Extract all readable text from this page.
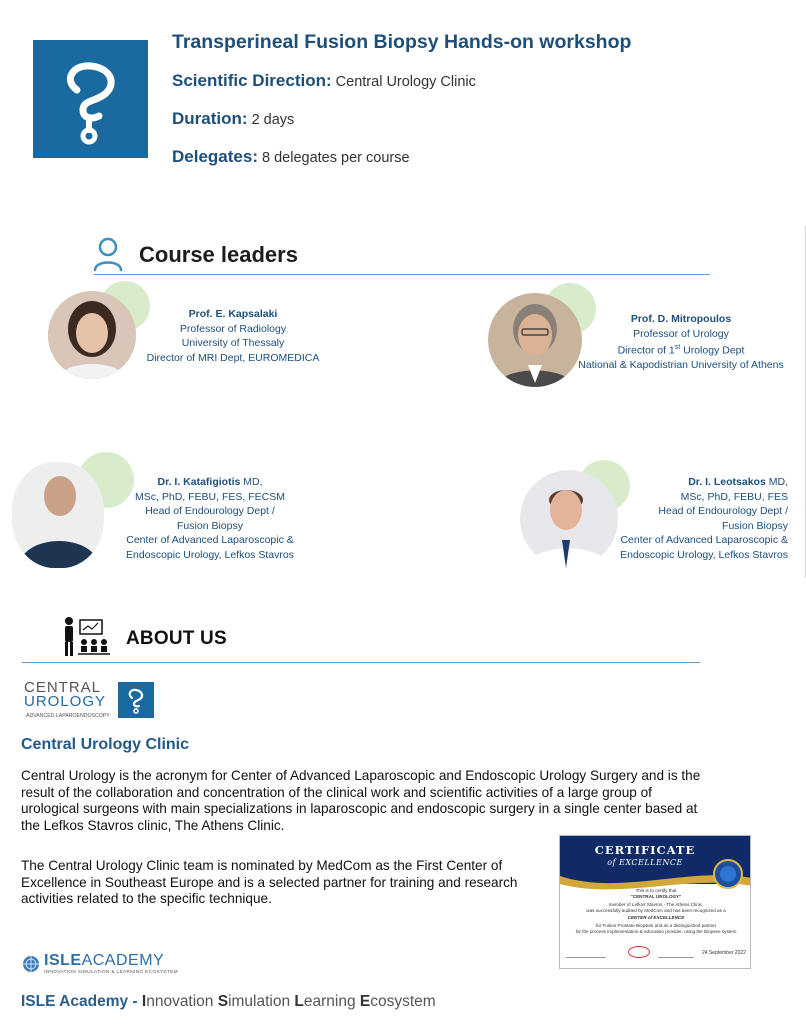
Transperineal Fusion Biopsy Hands-on workshop
Scientific Direction: Central Urology Clinic
Duration: 2 days
Delegates: 8 delegates per course
Course leaders
Prof. E. Kapsalaki
Professor of Radiology
University of Thessaly
Director of MRI Dept, EUROMEDICA
Prof. D. Mitropoulos
Professor of Urology
Director of 1st Urology Dept
National & Kapodistrian University of Athens
Dr. I. Katafigiotis MD,
MSc, PhD, FEBU, FES, FECSM
Head of Endourology Dept /
Fusion Biopsy
Center of Advanced Laparoscopic &
Endoscopic Urology, Lefkos Stavros
Dr. I. Leotsakos MD,
MSc, PhD, FEBU, FES
Head of Endourology Dept /
Fusion Biopsy
Center of Advanced Laparoscopic &
Endoscopic Urology, Lefkos Stavros
ABOUT US
CENTRAL
UROLOGY
ADVANCED LAPAROENDOSCOPY
Central Urology Clinic
Central Urology is the acronym for Center of Advanced Laparoscopic and Endoscopic Urology Surgery and is the result of the collaboration and concentration of the clinical work and scientific activities of a large group of urological surgeons with main specializations in laparoscopic and endoscopic surgery in a single center based at the Lefkos Stavros clinic, The Athens Clinic.
The Central Urology Clinic team is nominated by MedCom as the First Center of Excellence in Southeast Europe and is a selected partner for training and research activities related to the specific technique.
CERTIFICATE
of EXCELLENCE
This is to certify that
"CENTRAL UROLOGY"
member of Lefkos Stavros - The Athens Clinic,
was successfully audited by MedCom and has been recognized as a
CENTER of EXCELLENCE
for Fusion Prostate Biopsies and as a distinguished partner
for the process implementation & education provider, using the Biopsee system
24 September 2022
ISLEACADEMY
INNOVATION SIMULATION & LEARNING ECOSYSTEM
ISLE Academy - Innovation Simulation Learning Ecosystem
